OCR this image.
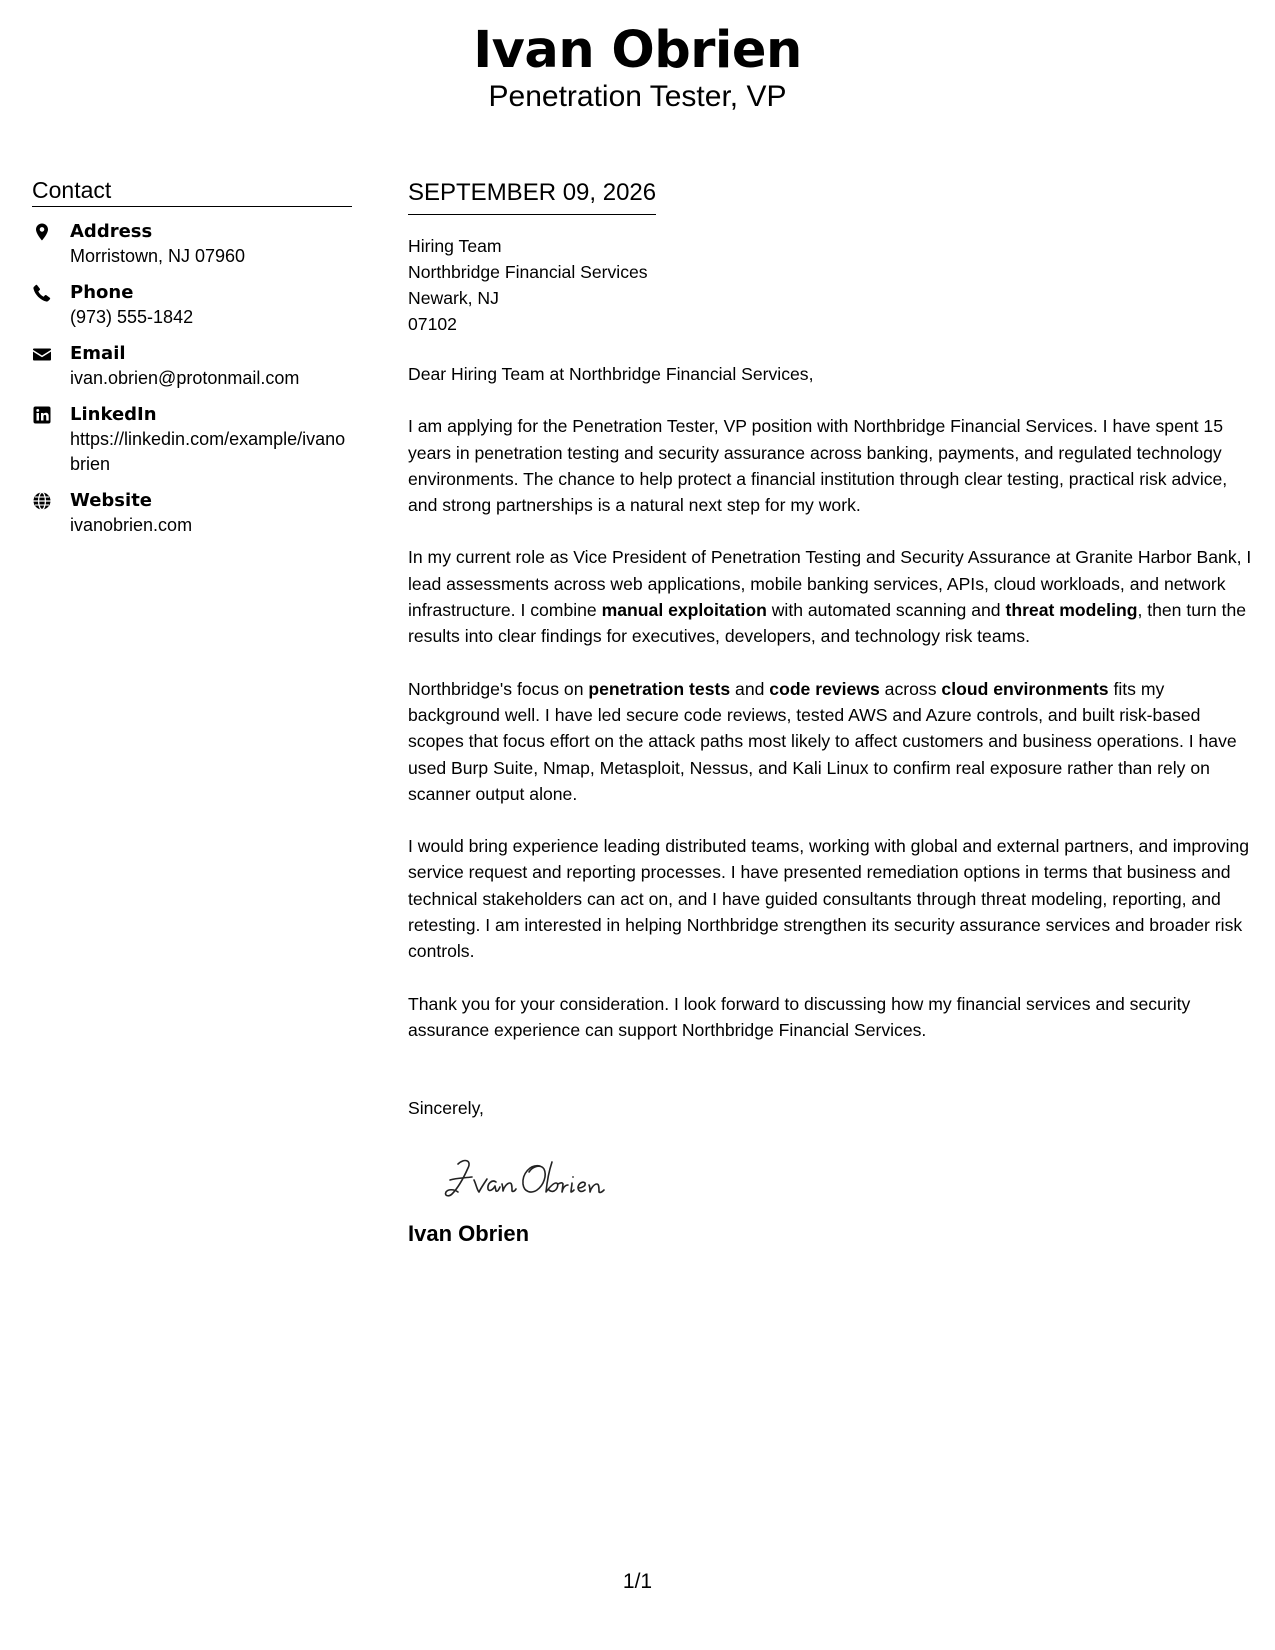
Ivan Obrien
Penetration Tester, VP
Contact
Address
Morristown, NJ 07960
Phone
(973) 555-1842
Email
ivan.obrien@protonmail.com
LinkedIn
https://linkedin.com/example/ivanobrien
Website
ivanobrien.com
SEPTEMBER 09, 2026
Hiring Team
Northbridge Financial Services
Newark, NJ
07102
Dear Hiring Team at Northbridge Financial Services,
I am applying for the Penetration Tester, VP position with Northbridge Financial Services. I have spent 15 years in penetration testing and security assurance across banking, payments, and regulated technology environments. The chance to help protect a financial institution through clear testing, practical risk advice, and strong partnerships is a natural next step for my work.
In my current role as Vice President of Penetration Testing and Security Assurance at Granite Harbor Bank, I lead assessments across web applications, mobile banking services, APIs, cloud workloads, and network infrastructure. I combine manual exploitation with automated scanning and threat modeling, then turn the results into clear findings for executives, developers, and technology risk teams.
Northbridge's focus on penetration tests and code reviews across cloud environments fits my background well. I have led secure code reviews, tested AWS and Azure controls, and built risk-based scopes that focus effort on the attack paths most likely to affect customers and business operations. I have used Burp Suite, Nmap, Metasploit, Nessus, and Kali Linux to confirm real exposure rather than rely on scanner output alone.
I would bring experience leading distributed teams, working with global and external partners, and improving service request and reporting processes. I have presented remediation options in terms that business and technical stakeholders can act on, and I have guided consultants through threat modeling, reporting, and retesting. I am interested in helping Northbridge strengthen its security assurance services and broader risk controls.
Thank you for your consideration. I look forward to discussing how my financial services and security assurance experience can support Northbridge Financial Services.
Sincerely,
Ivan Obrien
1/1
